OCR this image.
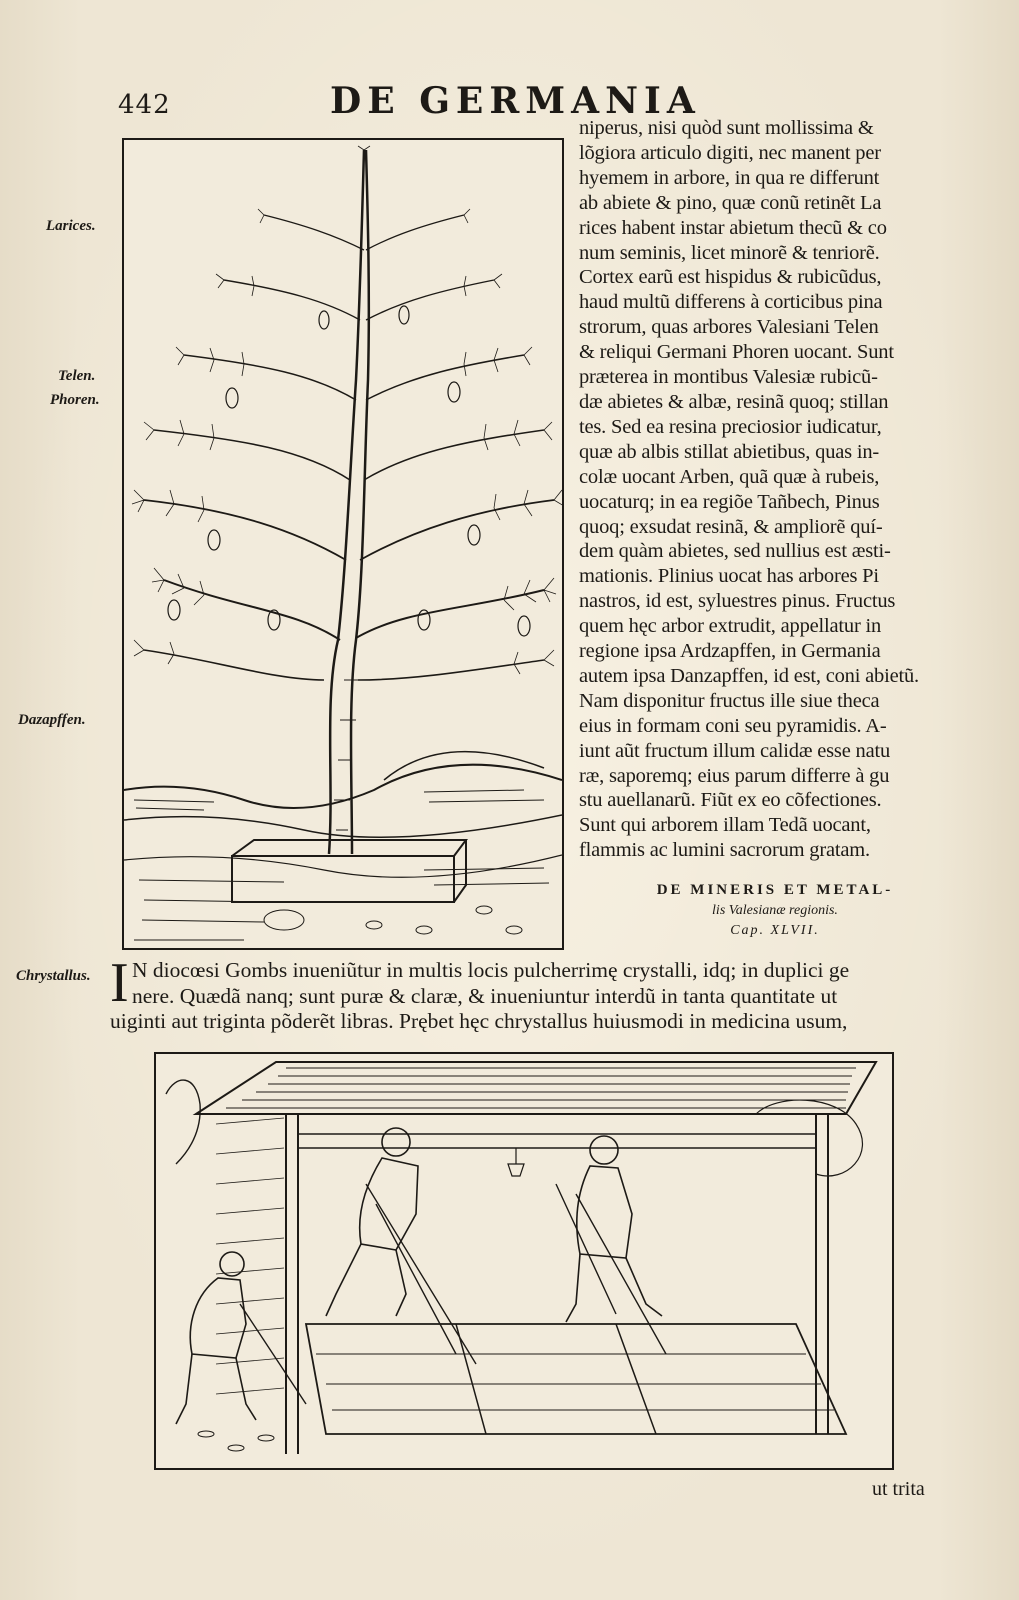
442	DE GERMANIA
Larices.
Telen.
Phoren.
Dazapffen.
Chrystallus.
niperus, nisi quòd sunt mollissima &
lõgiora articulo digiti, nec manent per
hyemem in arbore, in qua re differunt
ab abiete & pino, quæ conũ retinẽt La
rices habent instar abietum thecũ & co
num seminis, licet minorẽ & tenriorẽ.
Cortex earũ est hispidus & rubicũdus,
haud multũ differens à corticibus pina
strorum, quas arbores Valesiani Telen
& reliqui Germani Phoren uocant. Sunt
præterea in montibus Valesiæ rubicũ-
dæ abietes & albæ, resinã quoq; stillan
tes. Sed ea resina preciosior iudicatur,
quæ ab albis stillat abietibus, quas in-
colæ uocant Arben, quã quæ à rubeis,
uocaturq; in ea regiõe Tañbech, Pinus
quoq; exsudat resinã, & ampliorẽ quí-
dem quàm abietes, sed nullius est æsti-
mationis. Plinius uocat has arbores Pi
nastros, id est, syluestres pinus. Fructus
quem hęc arbor extrudit, appellatur in
regione ipsa Ardzapffen, in Germania
autem ipsa Danzapffen, id est, coni abietũ.
Nam disponitur fructus ille siue theca
eius in formam coni seu pyramidis. A-
iunt aũt fructum illum calidæ esse natu
ræ, saporemq; eius parum differre à gu
stu auellanarũ. Fiũt ex eo cõfectiones.
Sunt qui arborem illam Tedã uocant,
flammis ac lumini sacrorum gratam.
DE MINERIS ET METAL-
lis Valesianæ regionis.
Cap. XLVII.
I N diocœsi Gombs inueniũtur in multis locis pulcherrimę crystalli, idq; in duplici ge
nere. Quædã nanq; sunt puræ & claræ, & inueniuntur interdũ in tanta quantitate ut
uiginti aut triginta põderẽt libras. Prębet hęc chrystallus huiusmodi in medicina usum,
ut trita
